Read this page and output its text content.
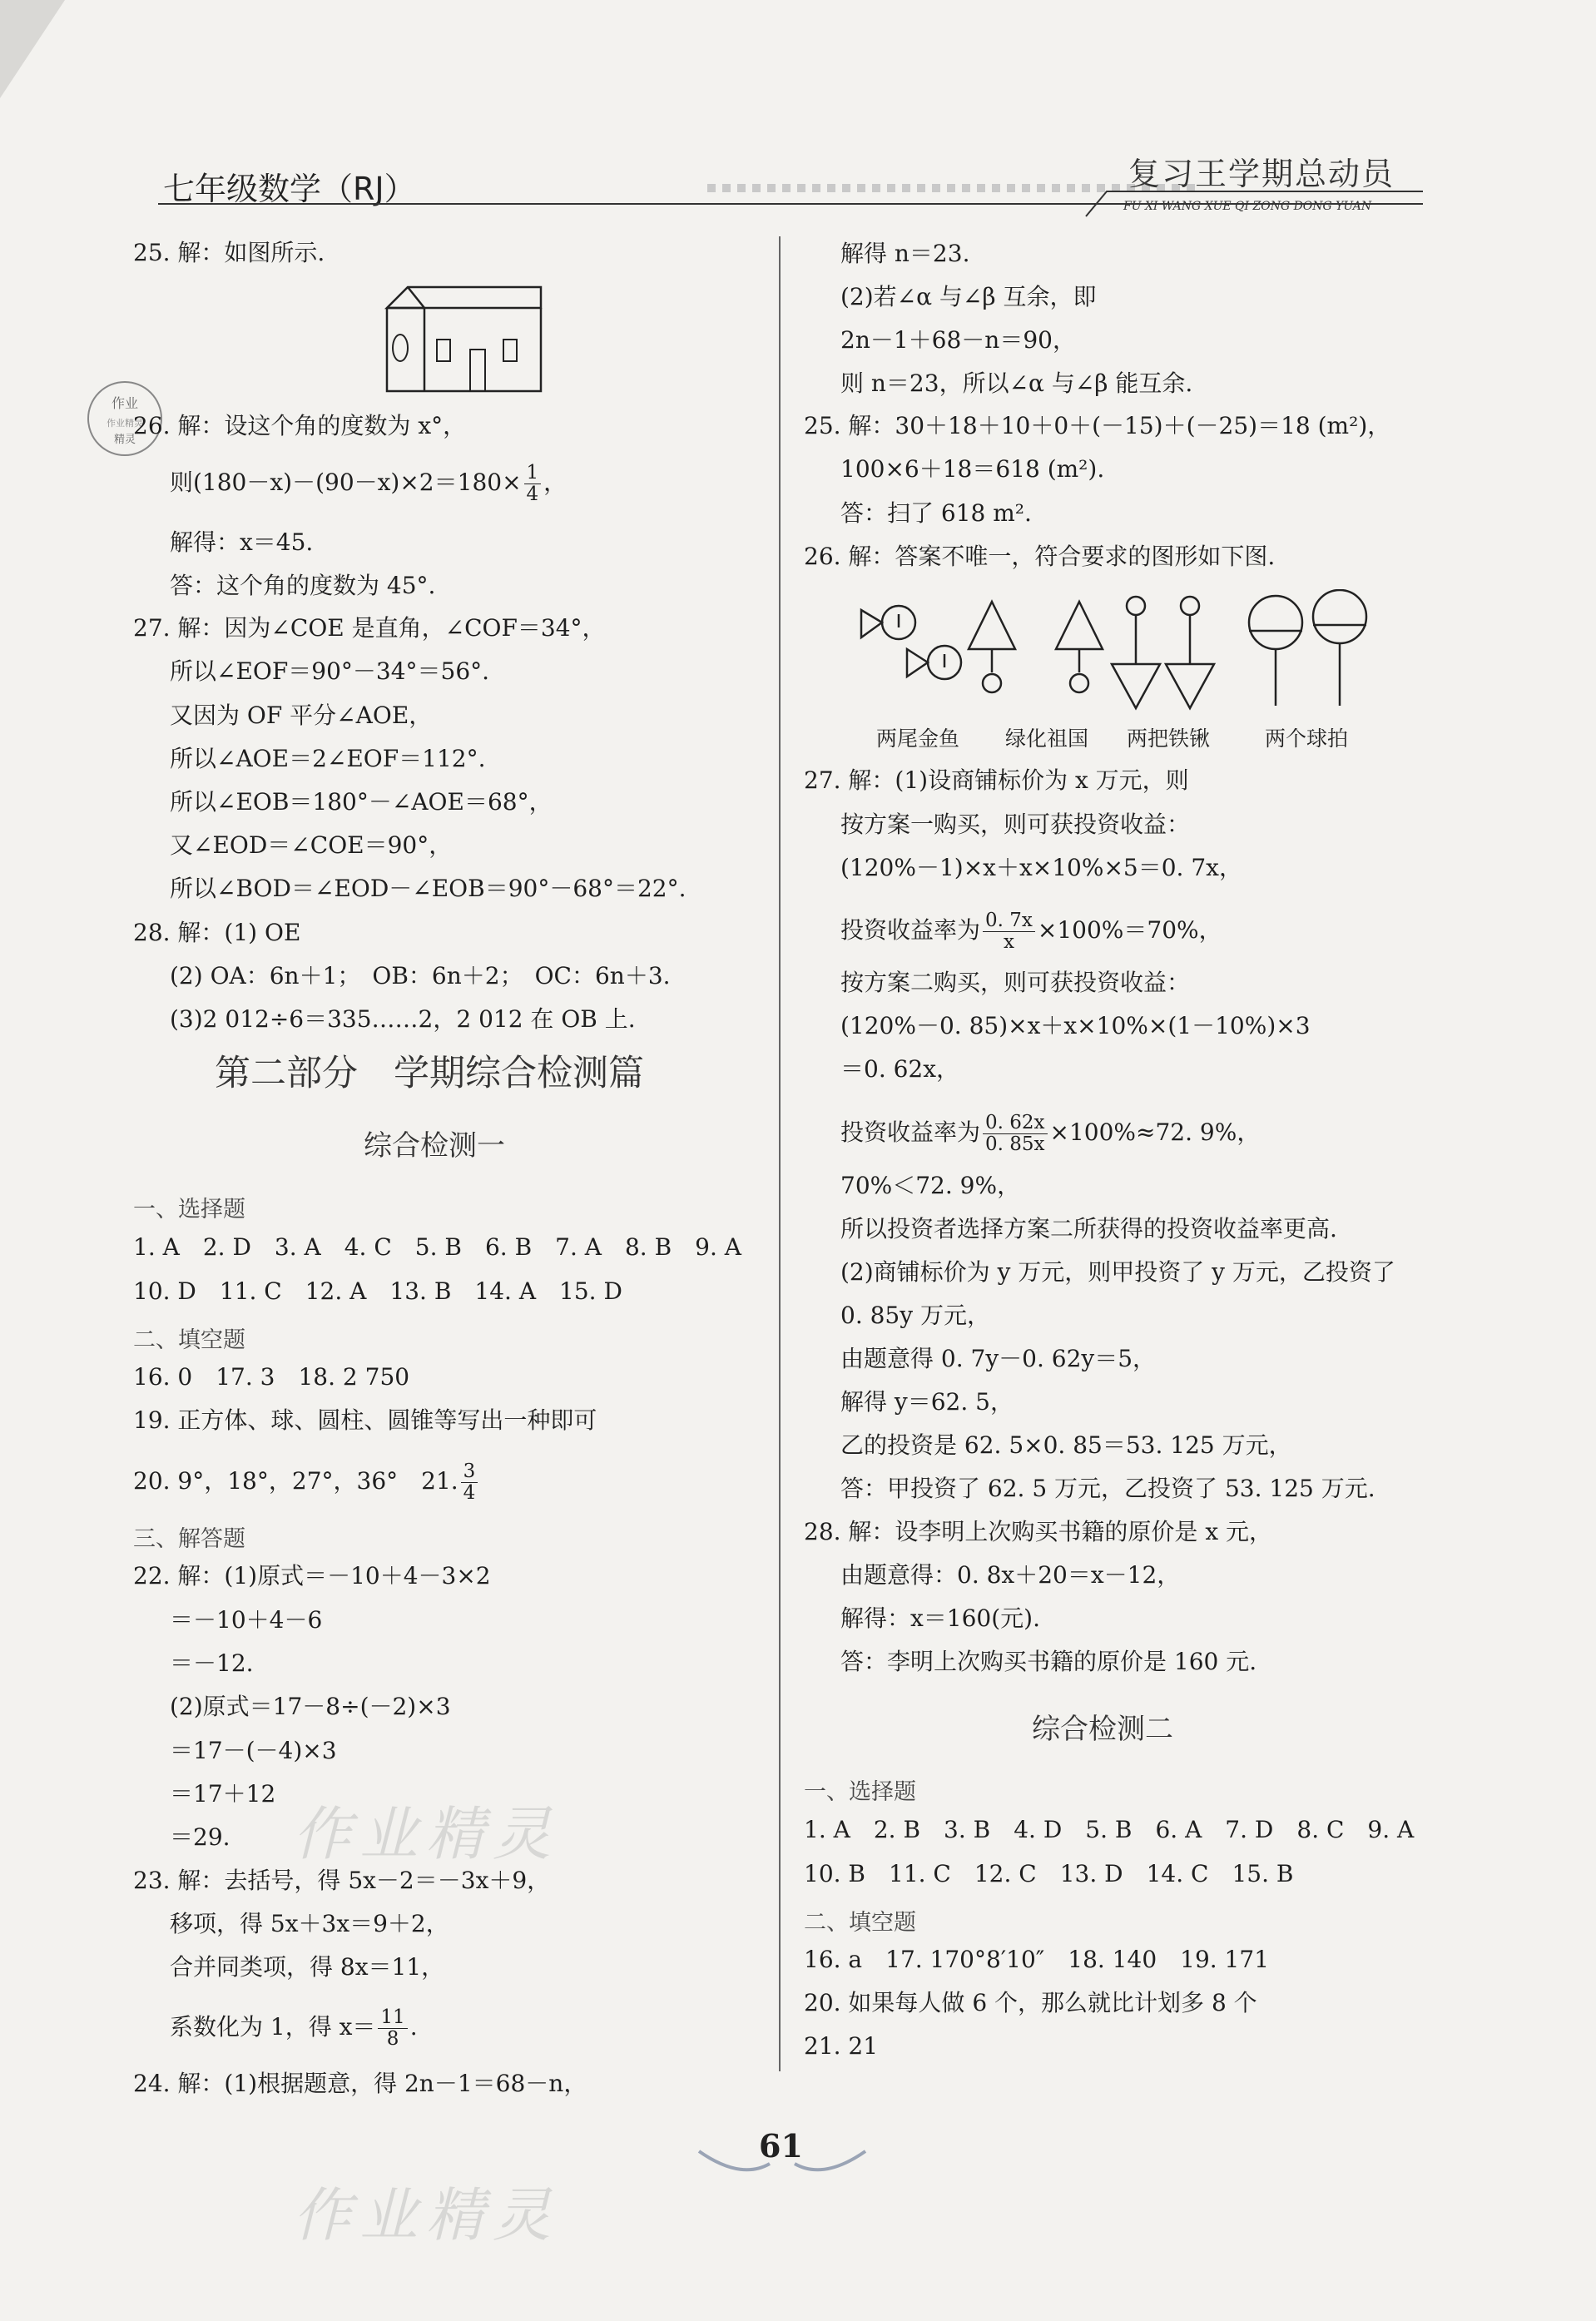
七年级数学（RJ）	复习王学期总动员
FU XI WANG XUE QI ZONG DONG YUAN
作业
作业精灵
精灵
25. 解：如图所示.
26. 解：设这个角的度数为 x°，
则$(180-x)-(90-x)\times 2=180\times \frac{1}{4}$ ，
解得：x＝45.
答：这个角的度数为 45°.
27. 解：因为∠COE 是直角，∠COF＝34°，
所以∠EOF＝90°－34°＝56°.
又因为 OF 平分∠AOE，
所以∠AOE＝2∠EOF＝112°.
所以∠EOB＝180°－∠AOE＝68°，
又∠EOD＝∠COE＝90°，
所以∠BOD＝∠EOD－∠EOB＝90°－68°＝22°.
28. 解：(1) OE
(2) OA：6n＋1；　OB：6n＋2；　OC：6n＋3.
(3)2 012÷6＝335……2，2 012 在 OB 上.
第二部分　学期综合检测篇
综合检测一
一、选择题
1. A　2. D　3. A　4. C　5. B　6. B　7. A　8. B　9. A
10. D　11. C　12. A　13. B　14. A　15. D
二、填空题
16. 0　17. 3　18. 2 750
19. 正方体、球、圆柱、圆锥等写出一种即可
20. 9°，18°，27°，36°　21. $\frac{3}{4}$
三、解答题
22. 解：(1)原式＝－10＋4－3×2
＝－10＋4－6
＝－12.
(2)原式＝17－8÷(－2)×3
＝17－(－4)×3
＝17＋12
＝29.
23. 解：去括号，得 5x－2＝－3x＋9，
移项，得 5x＋3x＝9＋2，
合并同类项，得 8x＝11，
系数化为 1，得 $x= \frac{11}{8}$ .
24. 解：(1)根据题意，得 2n－1＝68－n，
解得 n＝23.
(2)若∠α 与∠β 互余，即
2n－1＋68－n＝90，
则 n＝23，所以∠α 与∠β 能互余.
25. 解：30＋18＋10＋0＋(－15)＋(－25)＝18 (m²)，
100×6＋18＝618 (m²).
答：扫了 618 m².
26. 解：答案不唯一，符合要求的图形如下图.
两尾金鱼	绿化祖国	两把铁锹	两个球拍
27. 解：(1)设商铺标价为 x 万元，则
按方案一购买，则可获投资收益：
(120%－1)×x＋x×10%×5＝0. 7x，
投资收益率为 $\frac{0. 7x}{x} \times 100\%=70\%$，
按方案二购买，则可获投资收益：
(120%－0. 85)×x＋x×10%×(1－10%)×3
＝0. 62x，
投资收益率为 $\frac{0. 62x}{0. 85x} \times 100\%\approx 72$. 9%，
70%＜72. 9%，
所以投资者选择方案二所获得的投资收益率更高.
(2)商铺标价为 y 万元，则甲投资了 y 万元，乙投资了
0. 85y 万元，
由题意得 0. 7y－0. 62y＝5，
解得 y＝62. 5，
乙的投资是 62. 5×0. 85＝53. 125 万元，
答：甲投资了 62. 5 万元，乙投资了 53. 125 万元.
28. 解：设李明上次购买书籍的原价是 x 元，
由题意得：0. 8x＋20＝x－12，
解得：x＝160(元).
答：李明上次购买书籍的原价是 160 元.
综合检测二
一、选择题
1. A　2. B　3. B　4. D　5. B　6. A　7. D　8. C　9. A
10. B　11. C　12. C　13. D　14. C　15. B
二、填空题
16. a　17. 170°8′10″　18. 140　19. 171
20. 如果每人做 6 个，那么就比计划多 8 个
21. 21
作业精灵
作业精灵
61
